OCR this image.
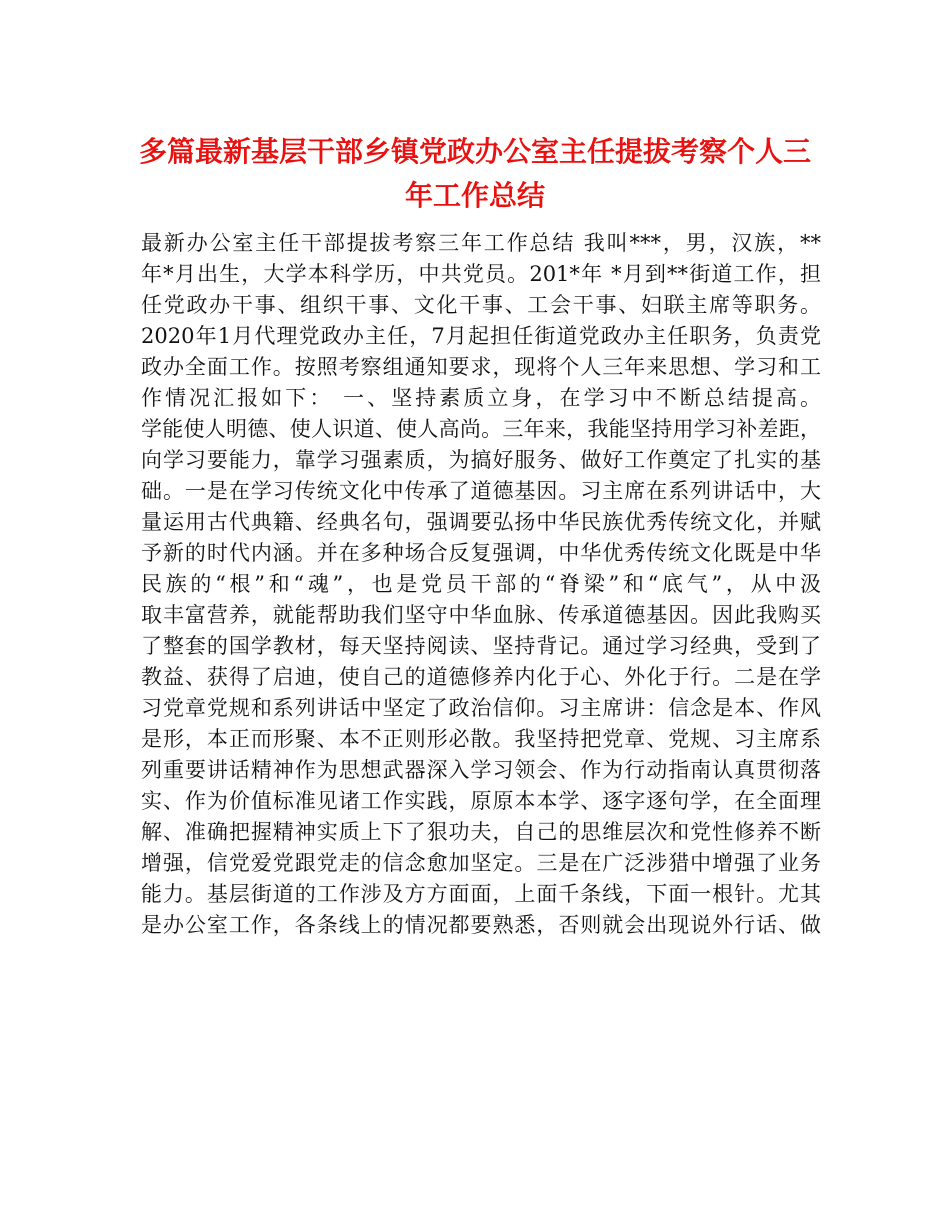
多篇最新基层干部乡镇党政办公室主任提拔考察个人三
年工作总结
最新办公室主任干部提拔考察三年工作总结 我叫***，男，汉族，**
年*月出生，大学本科学历，中共党员。201*年 *月到**街道工作，担
任党政办干事、组织干事、文化干事、工会干事、妇联主席等职务。
2020年1月代理党政办主任，7月起担任街道党政办主任职务，负责党
政办全面工作。按照考察组通知要求，现将个人三年来思想、学习和工
作情况汇报如下： 一、坚持素质立身，在学习中不断总结提高。
学能使人明德、使人识道、使人高尚。三年来，我能坚持用学习补差距，
向学习要能力，靠学习强素质，为搞好服务、做好工作奠定了扎实的基
础。一是在学习传统文化中传承了道德基因。习主席在系列讲话中，大
量运用古代典籍、经典名句，强调要弘扬中华民族优秀传统文化，并赋
予新的时代内涵。并在多种场合反复强调，中华优秀传统文化既是中华
民族的“根”和“魂”，也是党员干部的“脊梁”和“底气”，从中汲
取丰富营养，就能帮助我们坚守中华血脉、传承道德基因。因此我购买
了整套的国学教材，每天坚持阅读、坚持背记。通过学习经典，受到了
教益、获得了启迪，使自己的道德修养内化于心、外化于行。二是在学
习党章党规和系列讲话中坚定了政治信仰。习主席讲：信念是本、作风
是形，本正而形聚、本不正则形必散。我坚持把党章、党规、习主席系
列重要讲话精神作为思想武器深入学习领会、作为行动指南认真贯彻落
实、作为价值标准见诸工作实践，原原本本学、逐字逐句学，在全面理
解、准确把握精神实质上下了狠功夫，自己的思维层次和党性修养不断
增强，信党爱党跟党走的信念愈加坚定。三是在广泛涉猎中增强了业务
能力。基层街道的工作涉及方方面面，上面千条线，下面一根针。尤其
是办公室工作，各条线上的情况都要熟悉，否则就会出现说外行话、做
